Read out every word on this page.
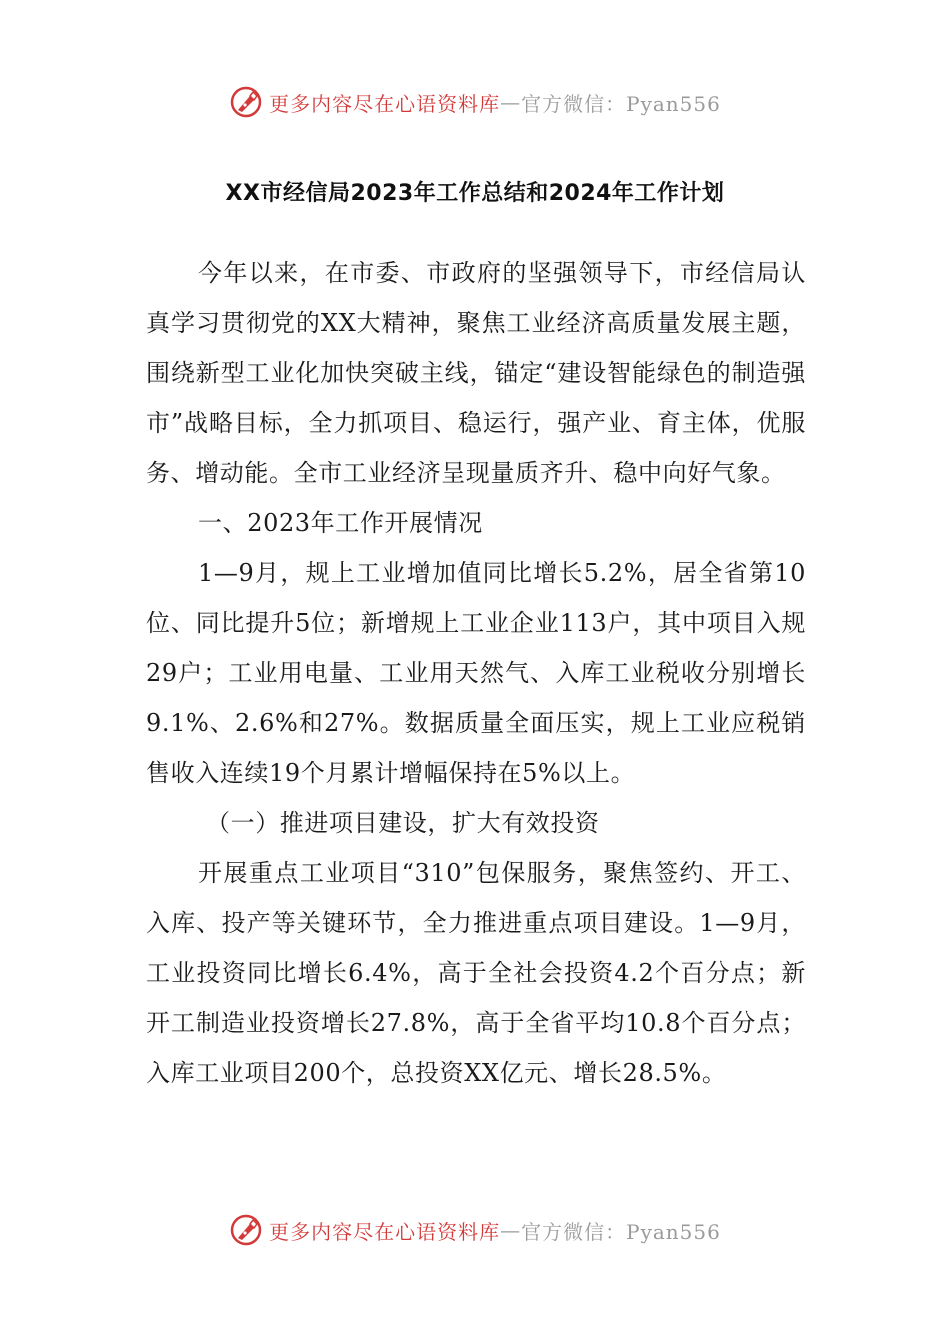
更多内容尽在心语资料库 — 官方微信：Pyan556
XX市经信局2023年工作总结和2024年工作计划

今年以来，在市委、市政府的坚强领导下，市经信局认真学习贯彻党的XX大精神，聚焦工业经济高质量发展主题，围绕新型工业化加快突破主线，锚定“建设智能绿色的制造强市”战略目标，全力抓项目、稳运行，强产业、育主体，优服务、增动能。全市工业经济呈现量质齐升、稳中向好气象。

一、2023年工作开展情况

1—9月，规上工业增加值同比增长5.2%，居全省第10位、同比提升5位；新增规上工业企业113户，其中项目入规29户；工业用电量、工业用天然气、入库工业税收分别增长9.1%、2.6%和27%。数据质量全面压实，规上工业应税销售收入连续19个月累计增幅保持在5%以上。

（一）推进项目建设，扩大有效投资

开展重点工业项目“310”包保服务，聚焦签约、开工、入库、投产等关键环节，全力推进重点项目建设。1—9月，工业投资同比增长6.4%，高于全社会投资4.2个百分点；新开工制造业投资增长27.8%，高于全省平均10.8个百分点；入库工业项目200个，总投资XX亿元、增长28.5%。

更多内容尽在心语资料库 — 官方微信：Pyan556
